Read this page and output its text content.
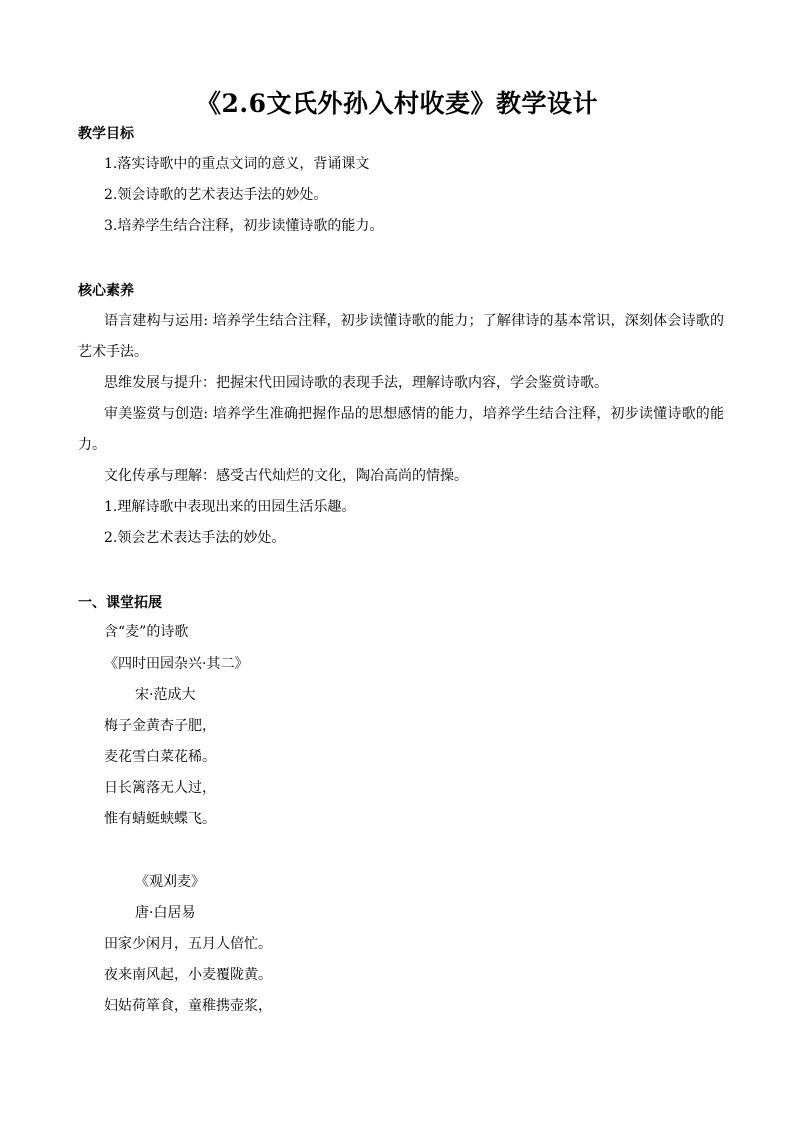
《2.6文氏外孙入村收麦》教学设计
教学目标
1.落实诗歌中的重点文词的意义，背诵课文
2.领会诗歌的艺术表达手法的妙处。
3.培养学生结合注释，初步读懂诗歌的能力。
核心素养
语言建构与运用: 培养学生结合注释，初步读懂诗歌的能力；了解律诗的基本常识，深刻体会诗歌的艺术手法。
思维发展与提升：把握宋代田园诗歌的表现手法，理解诗歌内容，学会鉴赏诗歌。
审美鉴赏与创造: 培养学生准确把握作品的思想感情的能力，培养学生结合注释，初步读懂诗歌的能力。
文化传承与理解：感受古代灿烂的文化，陶冶高尚的情操。
1.理解诗歌中表现出来的田园生活乐趣。
2.领会艺术表达手法的妙处。
一、课堂拓展
含“麦”的诗歌
《四时田园杂兴·其二》
宋·范成大
梅子金黄杏子肥，
麦花雪白菜花稀。
日长篱落无人过，
惟有蜻蜓蛱蝶飞。
《观刈麦》
唐·白居易
田家少闲月，五月人倍忙。
夜来南风起，小麦覆陇黄。
妇姑荷箪食，童稚携壶浆，
